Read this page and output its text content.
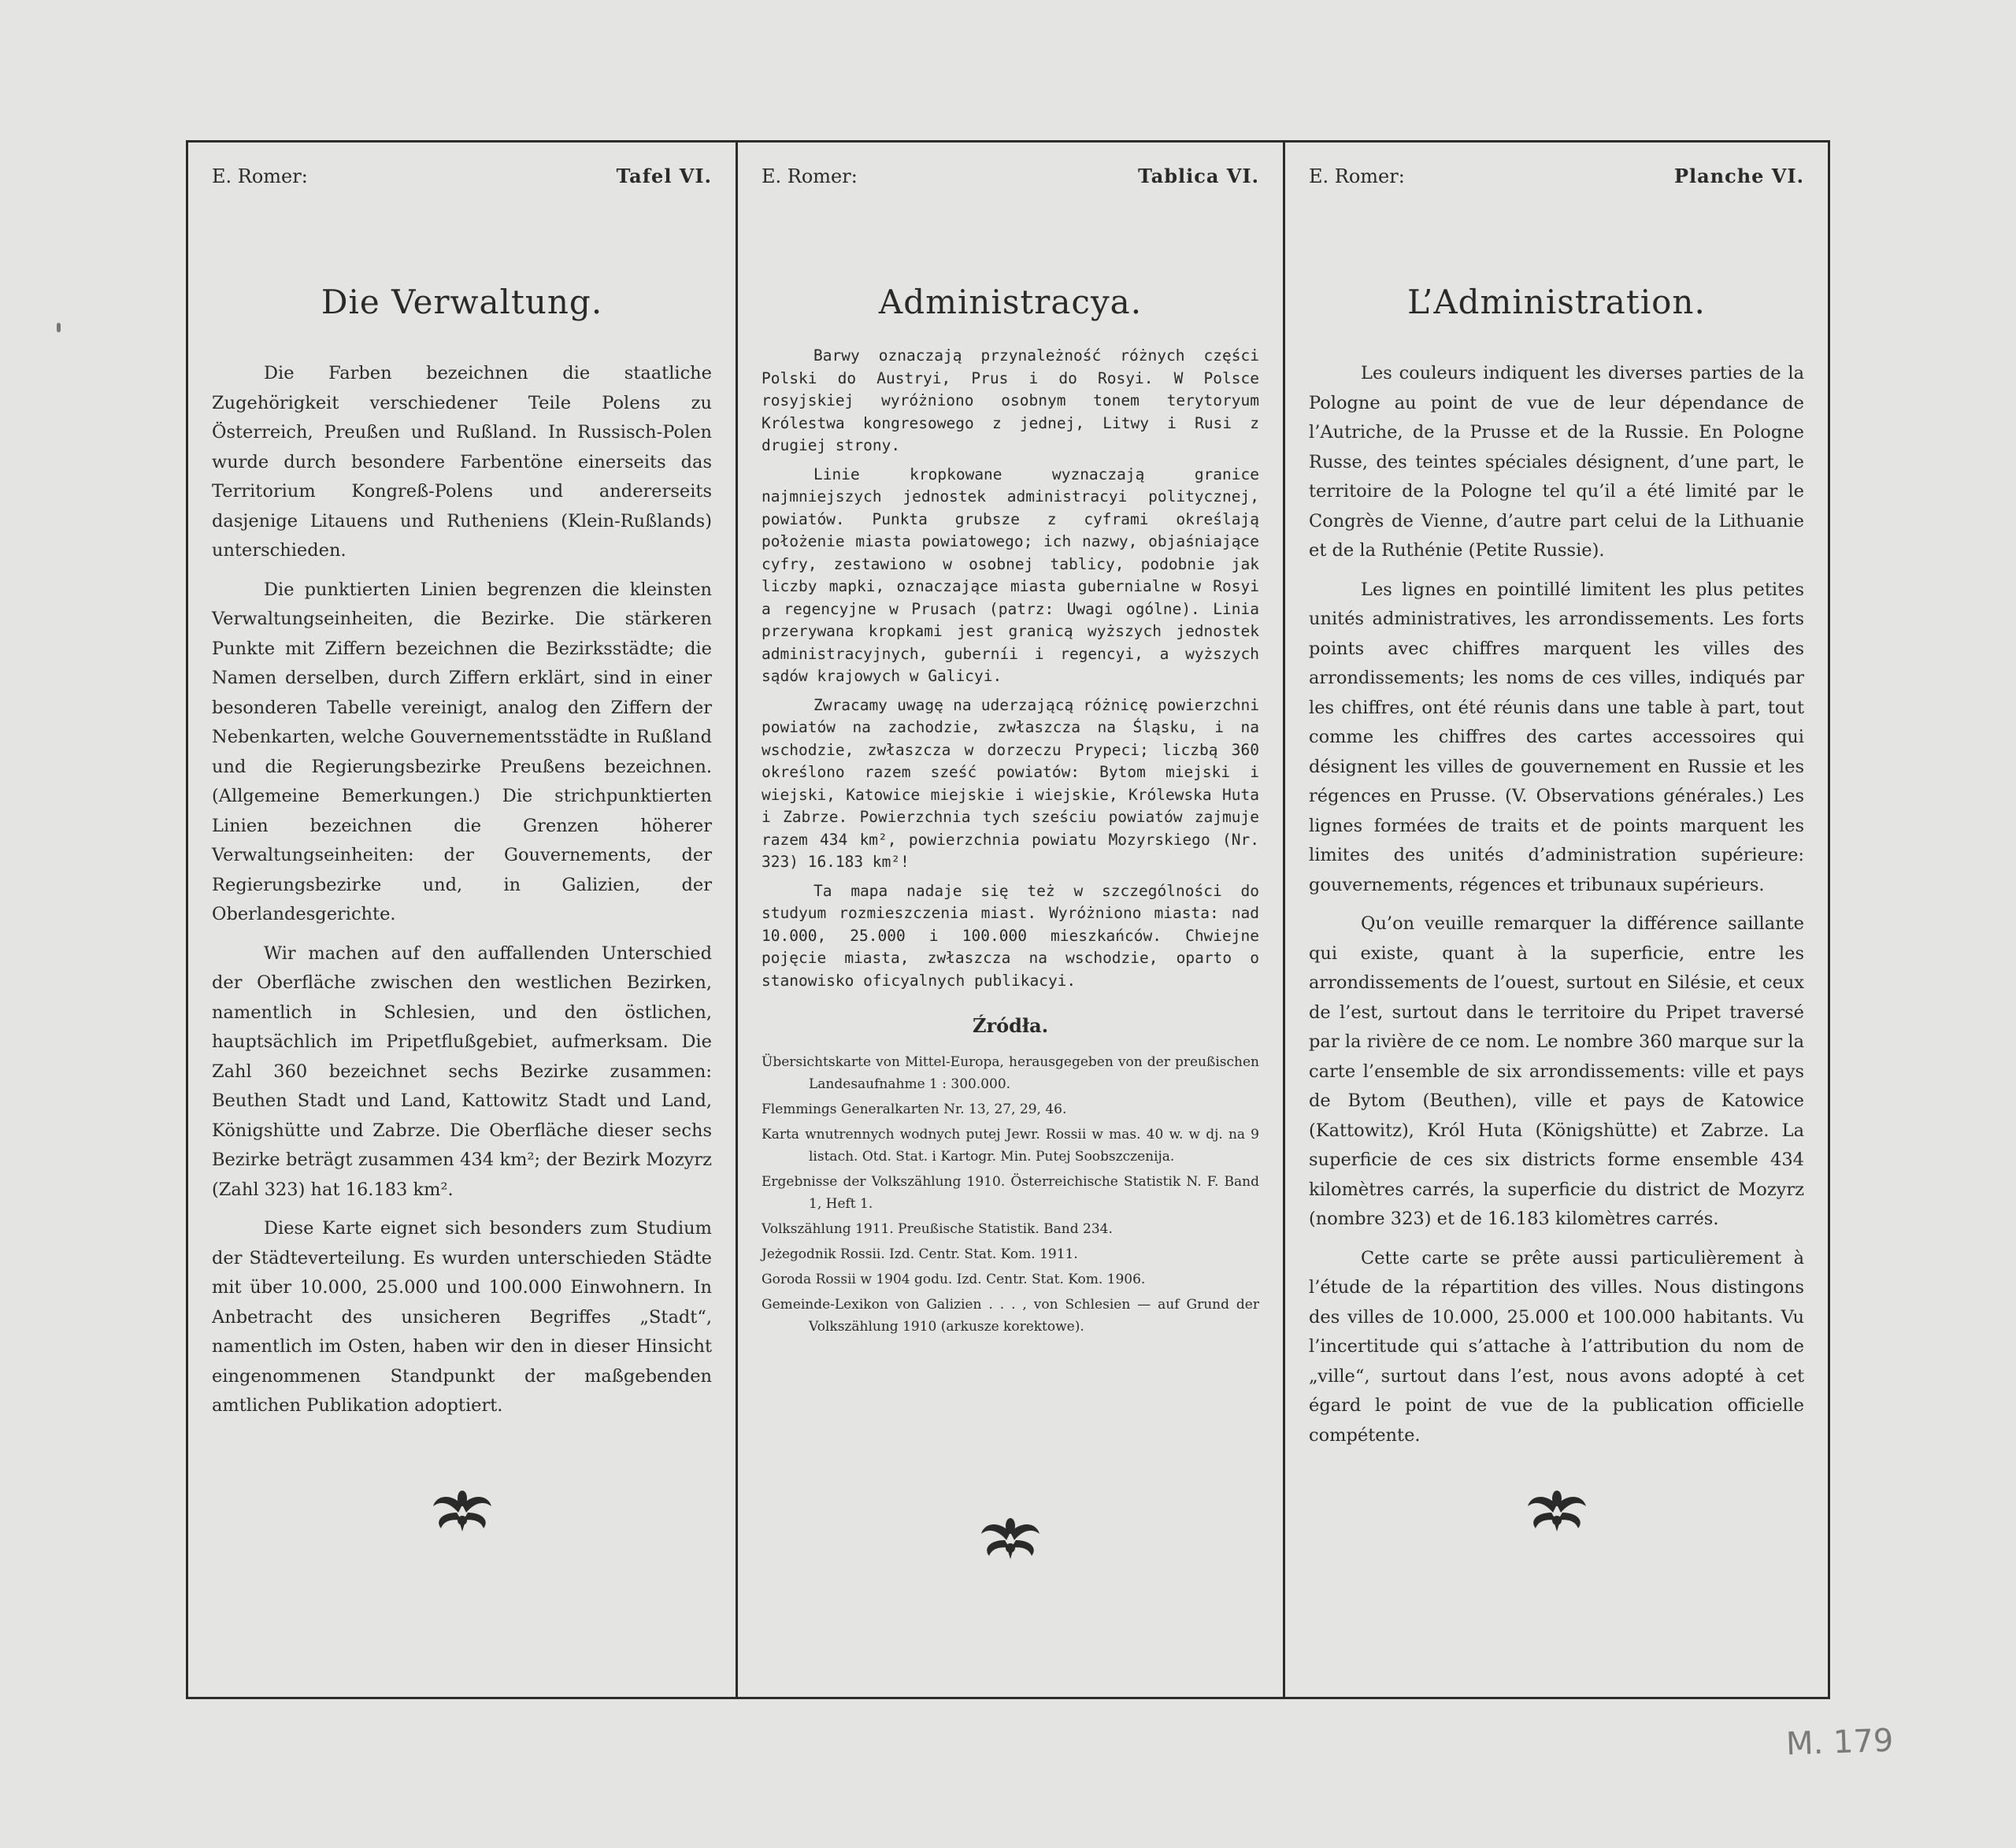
E. Romer:	Tafel VI.
Die Verwaltung.

Die Farben bezeichnen die staatliche Zugehörigkeit verschiedener Teile Polens zu Österreich, Preußen und Rußland. In Russisch-Polen wurde durch besondere Farbentöne einerseits das Territorium Kongreß-Polens und andererseits dasjenige Litauens und Rutheniens (Klein-Rußlands) unterschieden.

Die punktierten Linien begrenzen die kleinsten Verwaltungseinheiten, die Bezirke. Die stärkeren Punkte mit Ziffern bezeichnen die Bezirksstädte; die Namen derselben, durch Ziffern erklärt, sind in einer besonderen Tabelle vereinigt, analog den Ziffern der Nebenkarten, welche Gouvernementsstädte in Rußland und die Regierungsbezirke Preußens bezeichnen. (Allgemeine Bemerkungen.) Die strichpunktierten Linien bezeichnen die Grenzen höherer Verwaltungseinheiten: der Gouvernements, der Regierungsbezirke und, in Galizien, der Oberlandesgerichte.

Wir machen auf den auffallenden Unterschied der Oberfläche zwischen den westlichen Bezirken, namentlich in Schlesien, und den östlichen, hauptsächlich im Pripetflußgebiet, aufmerksam. Die Zahl 360 bezeichnet sechs Bezirke zusammen: Beuthen Stadt und Land, Kattowitz Stadt und Land, Königshütte und Zabrze. Die Oberfläche dieser sechs Bezirke beträgt zusammen 434 km²; der Bezirk Mozyrz (Zahl 323) hat 16.183 km².

Diese Karte eignet sich besonders zum Studium der Städteverteilung. Es wurden unterschieden Städte mit über 10.000, 25.000 und 100.000 Einwohnern. In Anbetracht des unsicheren Begriffes „Stadt“, namentlich im Osten, haben wir den in dieser Hinsicht eingenommenen Standpunkt der maßgebenden amtlichen Publikation adoptiert.

E. Romer:	Tablica VI.
Administracya.

Barwy oznaczają przynależność różnych części Polski do Austryi, Prus i do Rosyi. W Polsce rosyjskiej wyróżniono osobnym tonem terytoryum Królestwa kongresowego z jednej, Litwy i Rusi z drugiej strony.

Linie kropkowane wyznaczają granice najmniejszych jednostek administracyi politycznej, powiatów. Punkta grubsze z cyframi określają położenie miasta powiatowego; ich nazwy, objaśniające cyfry, zestawiono w osobnej tablicy, podobnie jak liczby mapki, oznaczające miasta gubernialne w Rosyi a regencyjne w Prusach (patrz: Uwagi ogólne). Linia przerywana kropkami jest granicą wyższych jednostek administracyjnych, guberníi i regencyi, a wyższych sądów krajowych w Galicyi.

Zwracamy uwagę na uderzającą różnicę powierzchni powiatów na zachodzie, zwłaszcza na Śląsku, i na wschodzie, zwłaszcza w dorzeczu Prypeci; liczbą 360 określono razem sześć powiatów: Bytom miejski i wiejski, Katowice miejskie i wiejskie, Królewska Huta i Zabrze. Powierzchnia tych sześciu powiatów zajmuje razem 434 km², powierzchnia powiatu Mozyrskiego (Nr. 323) 16.183 km²!

Ta mapa nadaje się też w szczególności do studyum rozmieszczenia miast. Wyróżniono miasta: nad 10.000, 25.000 i 100.000 mieszkańców. Chwiejne pojęcie miasta, zwłaszcza na wschodzie, oparto o stanowisko oficyalnych publikacyi.

Źródła.
Übersichtskarte von Mittel-Europa, herausgegeben von der preußischen Landesaufnahme 1 : 300.000.
Flemmings Generalkarten Nr. 13, 27, 29, 46.
Karta wnutrennych wodnych putej Jewr. Rossii w mas. 40 w. w dj. na 9 listach. Otd. Stat. i Kartogr. Min. Putej Soobszczenija.
Ergebnisse der Volkszählung 1910. Österreichische Statistik N. F. Band 1, Heft 1.
Volkszählung 1911. Preußische Statistik. Band 234.
Jeżegodnik Rossii. Izd. Centr. Stat. Kom. 1911.
Goroda Rossii w 1904 godu. Izd. Centr. Stat. Kom. 1906.
Gemeinde-Lexikon von Galizien . . . , von Schlesien — auf Grund der Volkszählung 1910 (arkusze korektowe).
E. Romer:	Planche VI.
L’Administration.

Les couleurs indiquent les diverses parties de la Pologne au point de vue de leur dépendance de l’Autriche, de la Prusse et de la Russie. En Pologne Russe, des teintes spéciales désignent, d’une part, le territoire de la Pologne tel qu’il a été limité par le Congrès de Vienne, d’autre part celui de la Lithuanie et de la Ruthénie (Petite Russie).

Les lignes en pointillé limitent les plus petites unités administratives, les arrondissements. Les forts points avec chiffres marquent les villes des arrondissements; les noms de ces villes, indiqués par les chiffres, ont été réunis dans une table à part, tout comme les chiffres des cartes accessoires qui désignent les villes de gouvernement en Russie et les régences en Prusse. (V. Observations générales.) Les lignes formées de traits et de points marquent les limites des unités d’administration supérieure: gouvernements, régences et tribunaux supérieurs.

Qu’on veuille remarquer la différence saillante qui existe, quant à la superficie, entre les arrondissements de l’ouest, surtout en Silésie, et ceux de l’est, surtout dans le territoire du Pripet traversé par la rivière de ce nom. Le nombre 360 marque sur la carte l’ensemble de six arrondissements: ville et pays de Bytom (Beuthen), ville et pays de Katowice (Kattowitz), Król Huta (Königshütte) et Zabrze. La superficie de ces six districts forme ensemble 434 kilomètres carrés, la superficie du district de Mozyrz (nombre 323) et de 16.183 kilomètres carrés.

Cette carte se prête aussi particulièrement à l’étude de la répartition des villes. Nous distingons des villes de 10.000, 25.000 et 100.000 habitants. Vu l’incertitude qui s’attache à l’attribution du nom de „ville“, surtout dans l’est, nous avons adopté à cet égard le point de vue de la publication officielle compétente.

M. 179
